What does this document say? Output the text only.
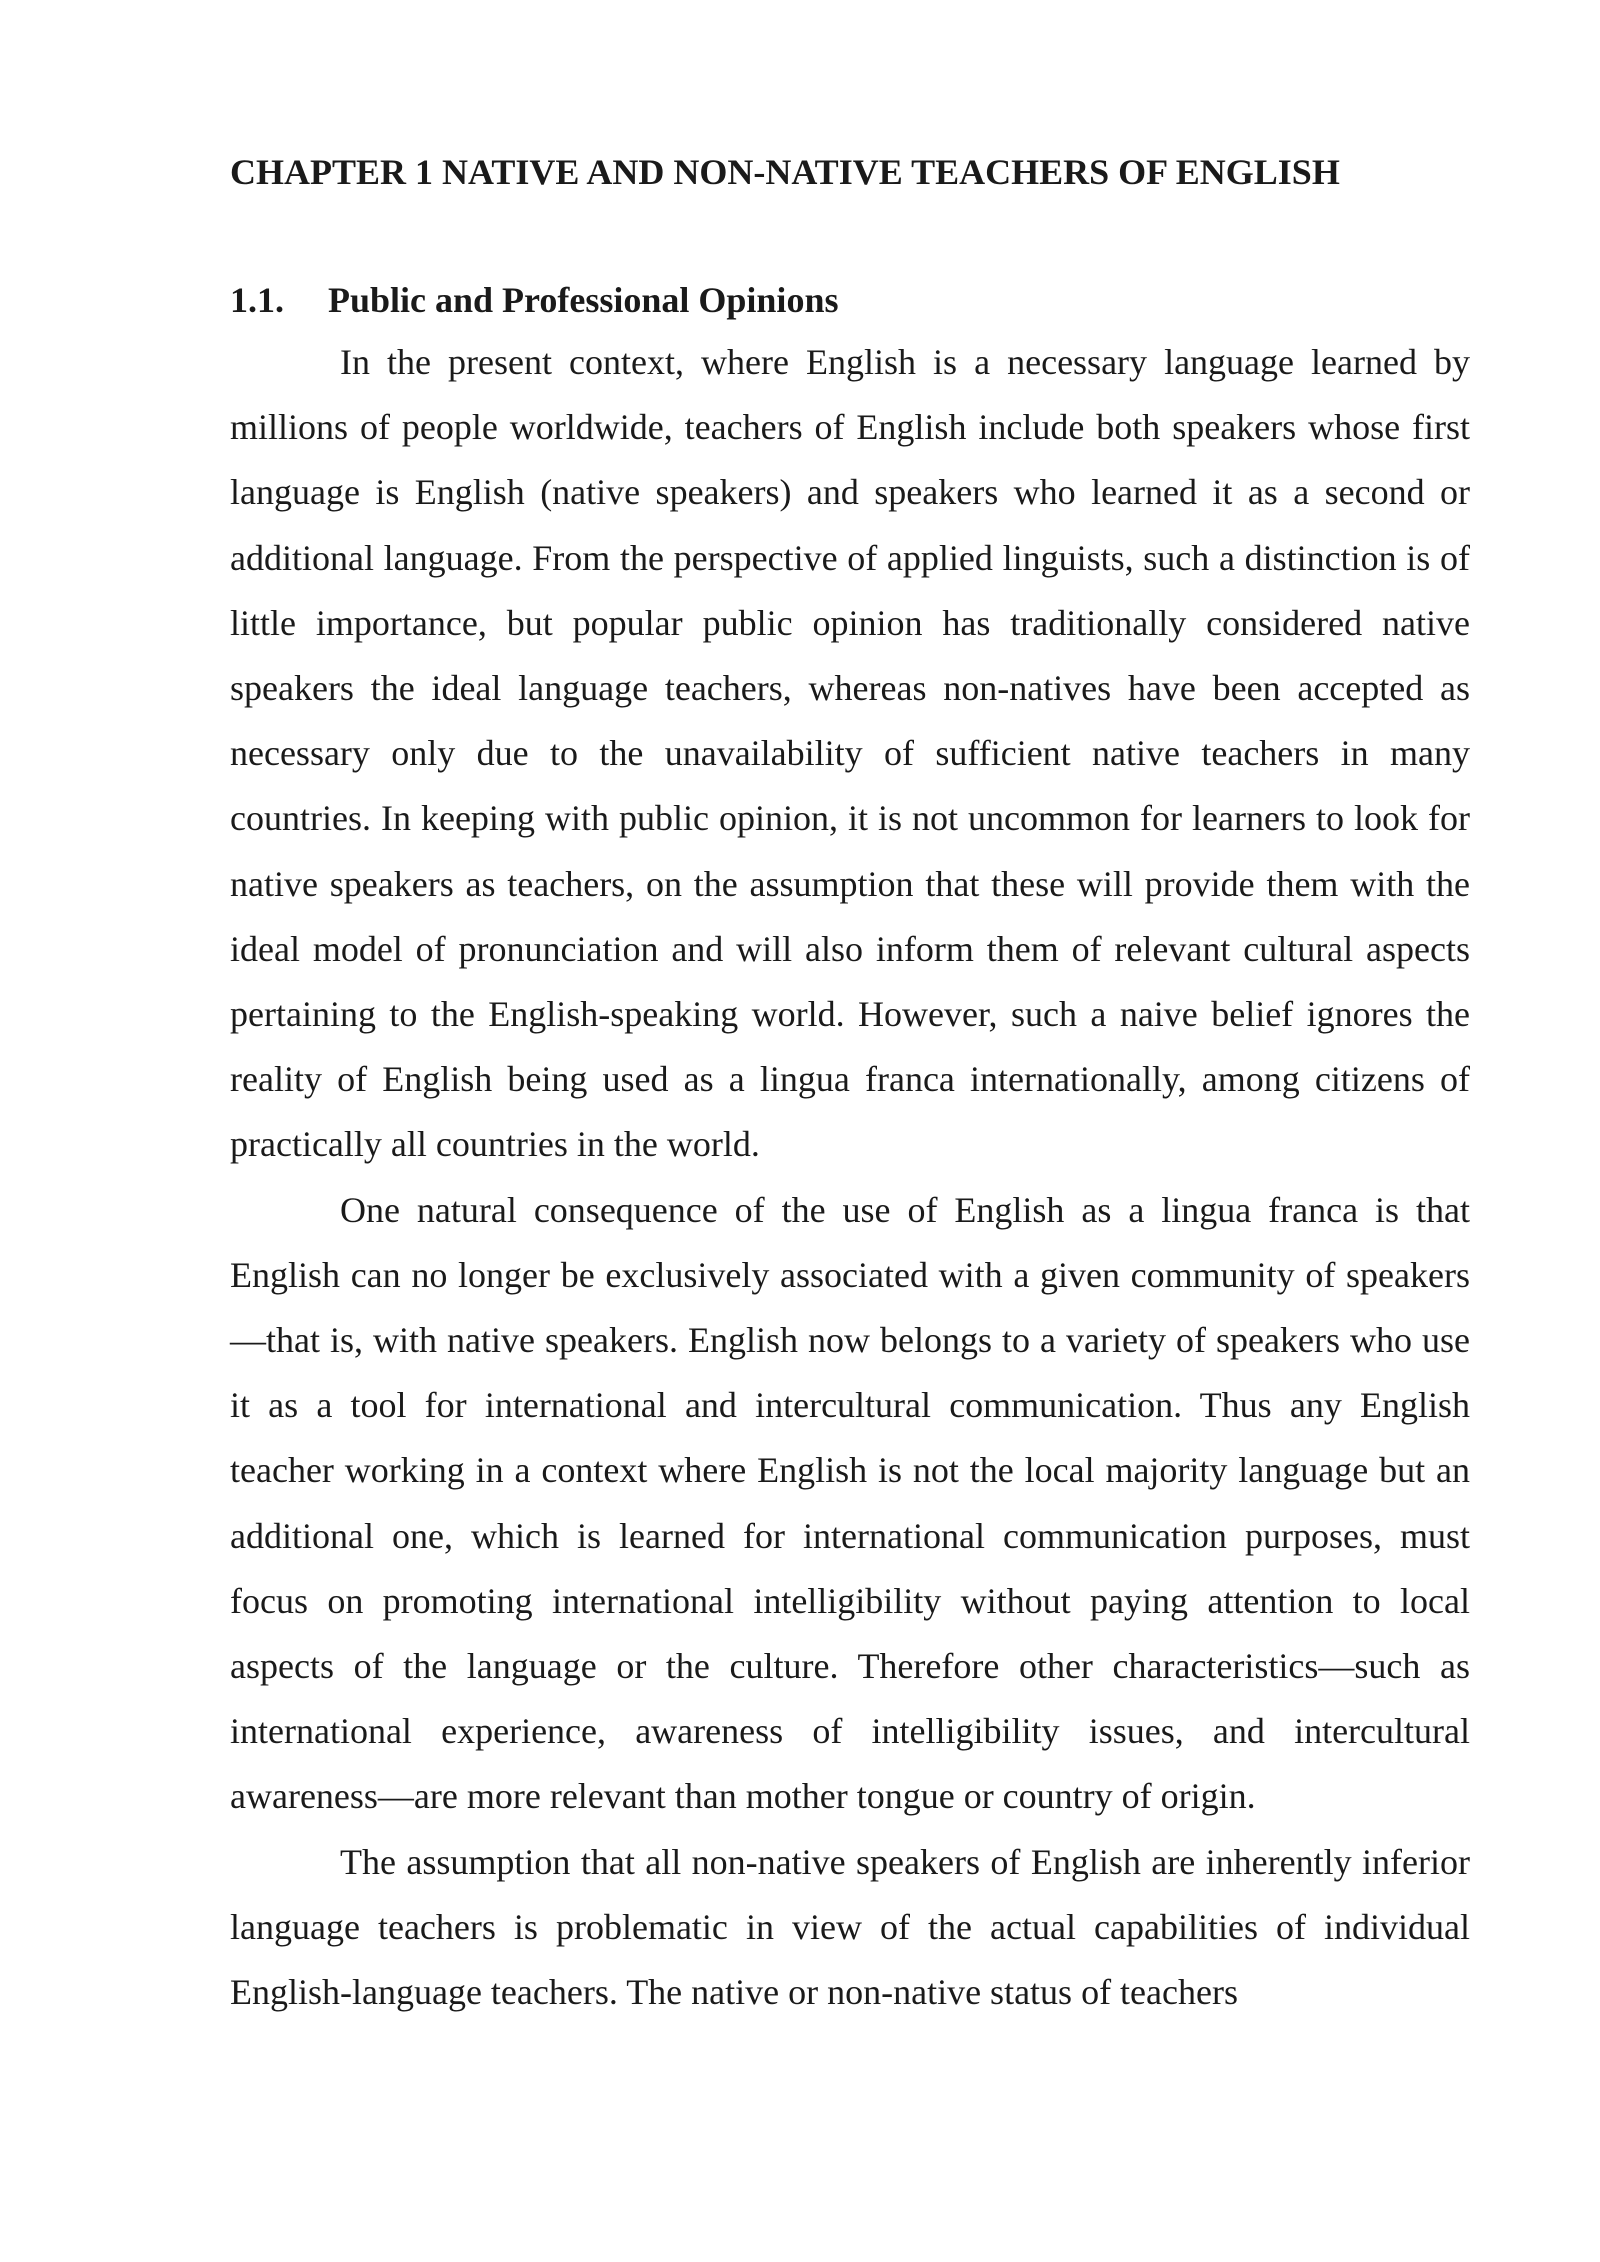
CHAPTER 1 NATIVE AND NON-NATIVE TEACHERS OF ENGLISH
1.1.	Public and Professional Opinions

In the present context, where English is a necessary language learned by millions of people worldwide, teachers of English include both speakers whose first language is English (native speakers) and speakers who learned it as a second or additional language. From the perspective of applied linguists, such a distinction is of little importance, but popular public opinion has traditionally considered native speakers the ideal language teachers, whereas non-natives have been accepted as necessary only due to the unavailability of sufficient native teachers in many countries. In keeping with public opinion, it is not uncommon for learners to look for native speakers as teachers, on the assumption that these will provide them with the ideal model of pronunciation and will also inform them of relevant cultural aspects pertaining to the English-speaking world. However, such a naive belief ignores the reality of English being used as a lingua franca internationally, among citizens of practically all countries in the world.

One natural consequence of the use of English as a lingua franca is that English can no longer be exclusively associated with a given community of speakers—that is, with native speakers. English now belongs to a variety of speakers who use it as a tool for international and intercultural communication. Thus any English teacher working in a context where English is not the local majority language but an additional one, which is learned for international communication purposes, must focus on promoting international intelligibility without paying attention to local aspects of the language or the culture. Therefore other characteristics—such as international experience, awareness of intelligibility issues, and intercultural awareness—are more relevant than mother tongue or country of origin.

The assumption that all non-native speakers of English are inherently inferior language teachers is problematic in view of the actual capabilities of individual English-language teachers. The native or non-native status of teachers
